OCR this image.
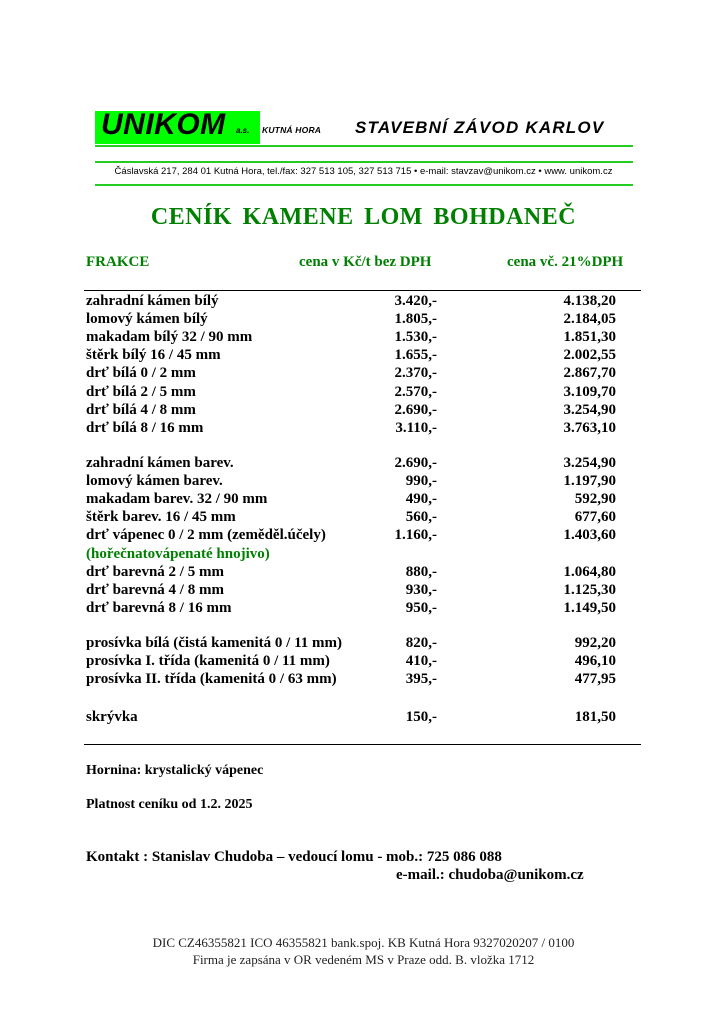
UNIKOM a.s. KUTNÁ HORA STAVEBNÍ ZÁVOD KARLOV
Čáslavská 217, 284 01 Kutná Hora, tel./fax: 327 513 105, 327 513 715 • e-mail: stavzav@unikom.cz • www. unikom.cz
CENÍK KAMENE LOM BOHDANEČ
FRAKCE	cena v Kč/t bez DPH	cena vč. 21%DPH
zahradní kámen bílý	3.420,-	4.138,20
lomový kámen bílý	1.805,-	2.184,05
makadam bílý 32 / 90 mm	1.530,-	1.851,30
štěrk bílý 16 / 45 mm	1.655,-	2.002,55
drť bílá 0 / 2 mm	2.370,-	2.867,70
drť bílá 2 / 5 mm	2.570,-	3.109,70
drť bílá 4 / 8 mm	2.690,-	3.254,90
drť bílá 8 / 16 mm	3.110,-	3.763,10
zahradní kámen barev.	2.690,-	3.254,90
lomový kámen barev.	990,-	1.197,90
makadam barev. 32 / 90 mm	490,-	592,90
štěrk barev. 16 / 45 mm	560,-	677,60
drť vápenec 0 / 2 mm (zeměděl.účely)	1.160,-	1.403,60
(hořečnatovápenaté hnojivo)
drť barevná 2 / 5 mm	880,-	1.064,80
drť barevná 4 / 8 mm	930,-	1.125,30
drť barevná 8 / 16 mm	950,-	1.149,50
prosívka bílá (čistá kamenitá 0 / 11 mm)	820,-	992,20
prosívka I. třída (kamenitá 0 / 11 mm)	410,-	496,10
prosívka II. třída (kamenitá 0 / 63 mm)	395,-	477,95
skrývka	150,-	181,50
Hornina: krystalický vápenec
Platnost ceníku od 1.2. 2025
Kontakt : Stanislav Chudoba – vedoucí lomu - mob.: 725 086 088
e-mail.: chudoba@unikom.cz
DIC CZ46355821 ICO 46355821 bank.spoj. KB Kutná Hora 9327020207 / 0100
Firma je zapsána v OR vedeném MS v Praze odd. B. vložka 1712
